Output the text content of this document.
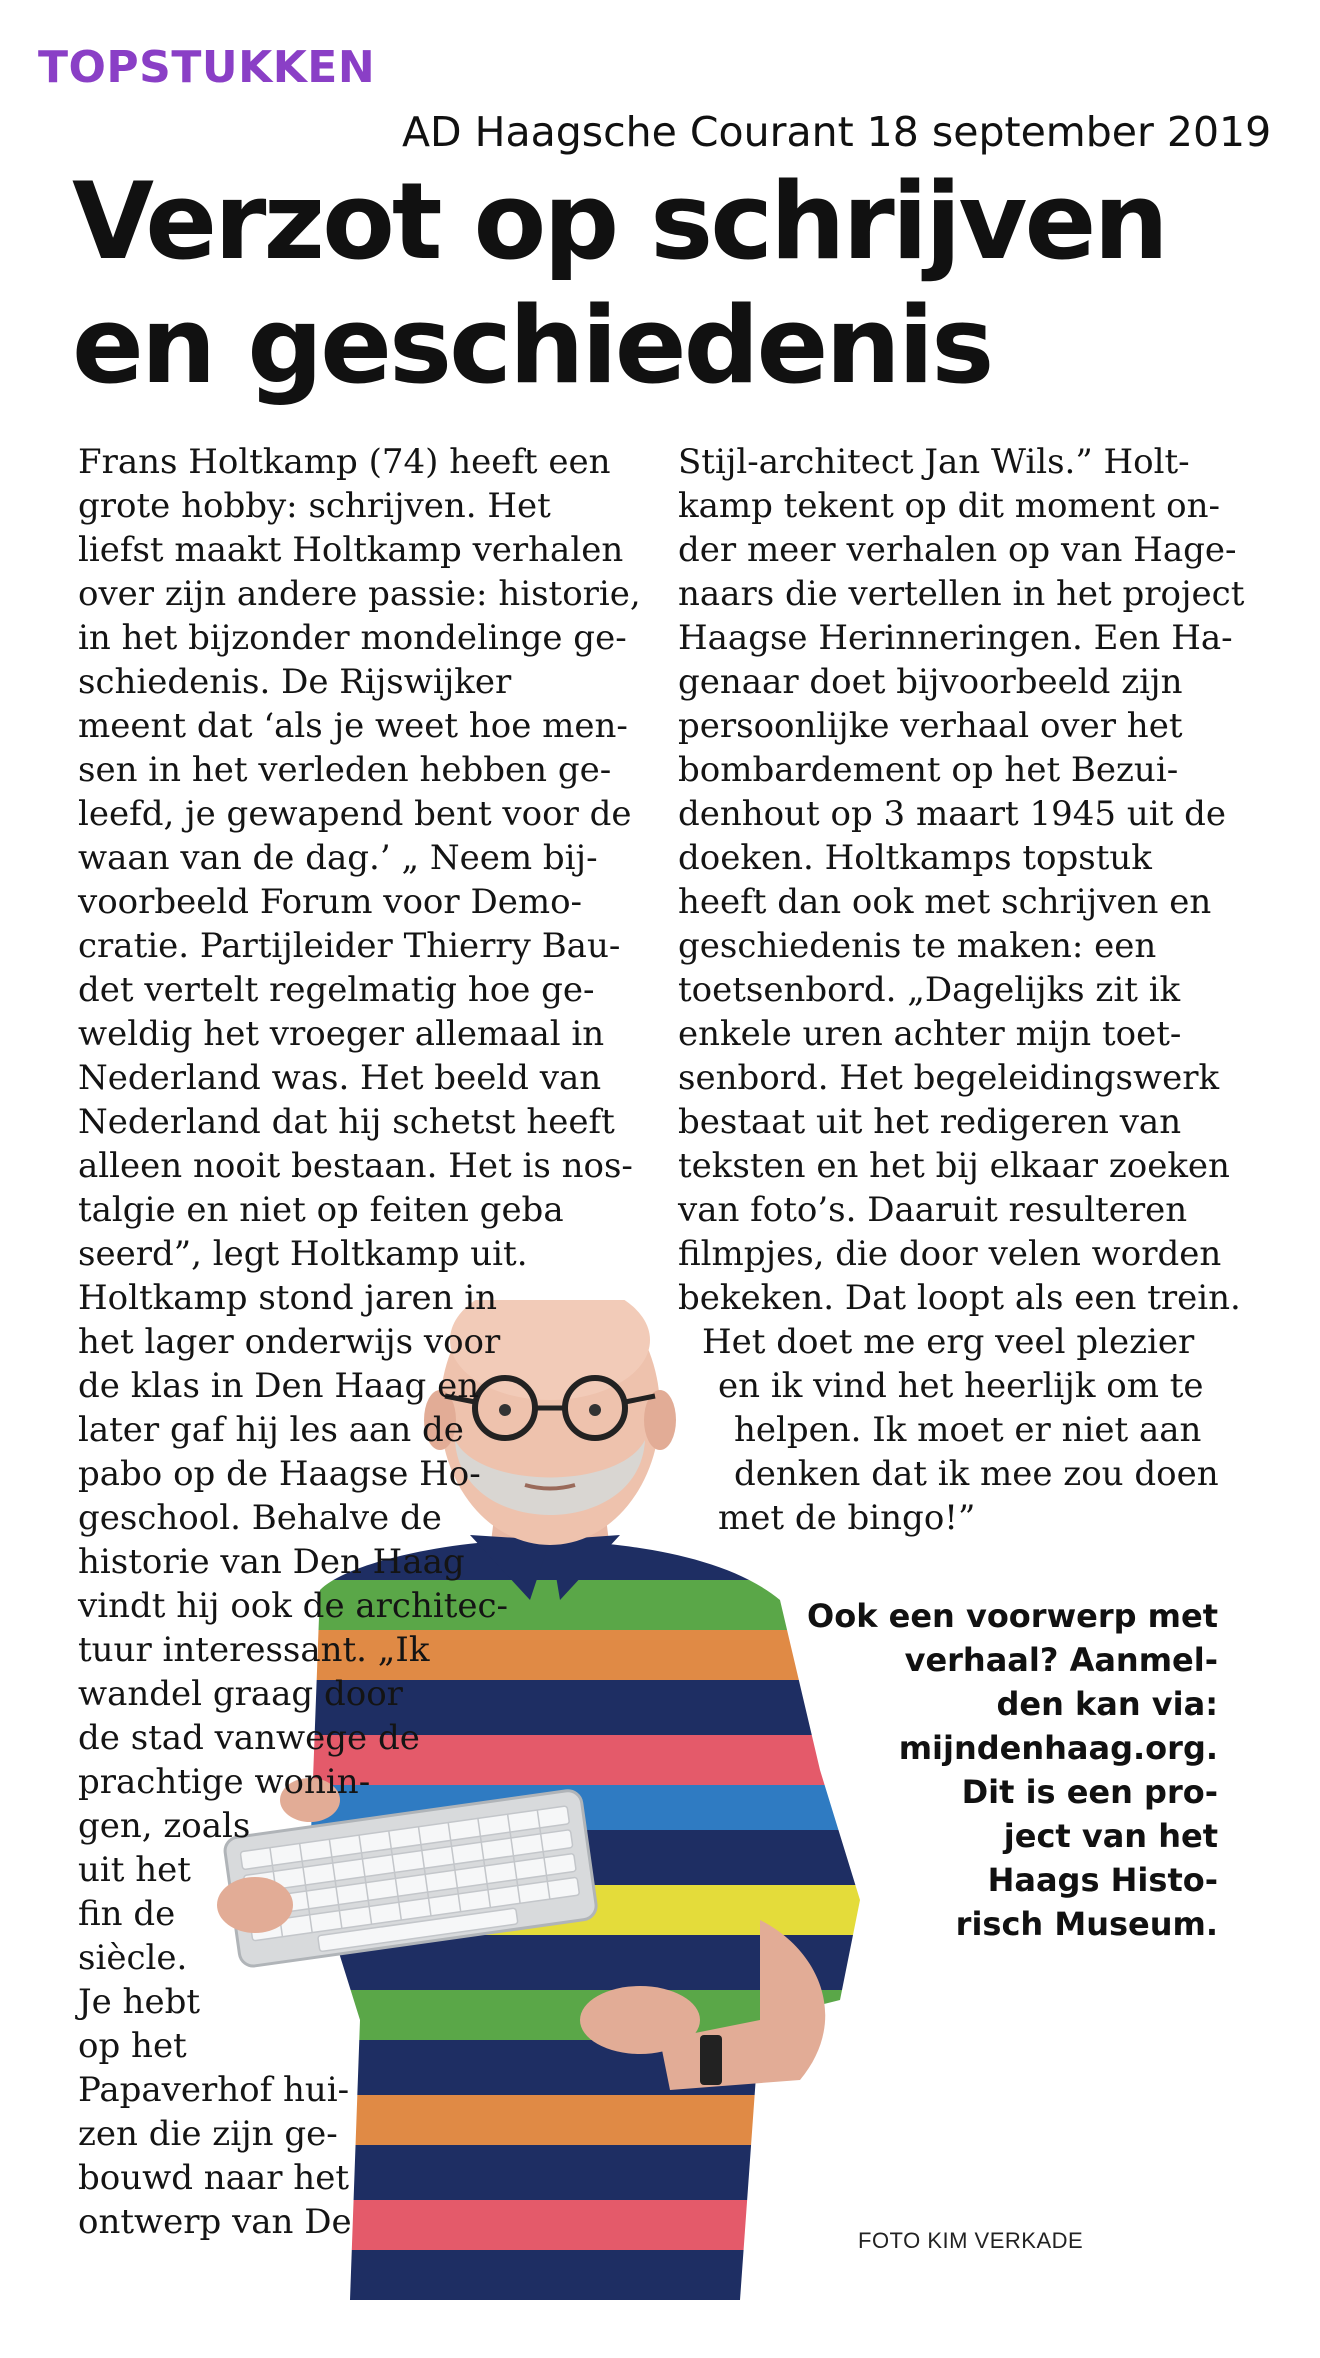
TOPSTUKKEN
AD Haagsche Courant 18 september 2019
Verzot op schrijven
en geschiedenis
Frans Holtkamp (74) heeft een
grote hobby: schrijven. Het
liefst maakt Holtkamp verhalen
over zijn andere passie: historie,
in het bijzonder mondelinge ge-
schiedenis. De Rijswijker
meent dat ‘als je weet hoe men-
sen in het verleden hebben ge-
leefd, je gewapend bent voor de
waan van de dag.’ „ Neem bij-
voorbeeld Forum voor Demo-
cratie. Partijleider Thierry Bau-
det vertelt regelmatig hoe ge-
weldig het vroeger allemaal in
Nederland was. Het beeld van
Nederland dat hij schetst heeft
alleen nooit bestaan. Het is nos-
talgie en niet op feiten geba
seerd”, legt Holtkamp uit.
Holtkamp stond jaren in
het lager onderwijs voor
de klas in Den Haag en
later gaf hij les aan de
pabo op de Haagse Ho-
geschool. Behalve de
historie van Den Haag
vindt hij ook de architec-
tuur interessant. „Ik
wandel graag door
de stad vanwege de
prachtige wonin-
gen, zoals
uit het
fin de
siècle.
Je hebt
op het
Papaverhof hui-
zen die zijn ge-
bouwd naar het
ontwerp van De
Stijl-architect Jan Wils.” Holt-
kamp tekent op dit moment on-
der meer verhalen op van Hage-
naars die vertellen in het project
Haagse Herinneringen. Een Ha-
genaar doet bijvoorbeeld zijn
persoonlijke verhaal over het
bombardement op het Bezui-
denhout op 3 maart 1945 uit de
doeken. Holtkamps topstuk
heeft dan ook met schrijven en
geschiedenis te maken: een
toetsenbord. „Dagelijks zit ik
enkele uren achter mijn toet-
senbord. Het begeleidingswerk
bestaat uit het redigeren van
teksten en het bij elkaar zoeken
van foto’s. Daaruit resulteren
filmpjes, die door velen worden
bekeken. Dat loopt als een trein.
Het doet me erg veel plezier
en ik vind het heerlijk om te
helpen. Ik moet er niet aan
denken dat ik mee zou doen
met de bingo!”
Ook een voorwerp met
verhaal? Aanmel-
den kan via:
mijndenhaag.org.
Dit is een pro-
ject van het
Haags Histo-
risch Museum.
FOTO KIM VERKADE
